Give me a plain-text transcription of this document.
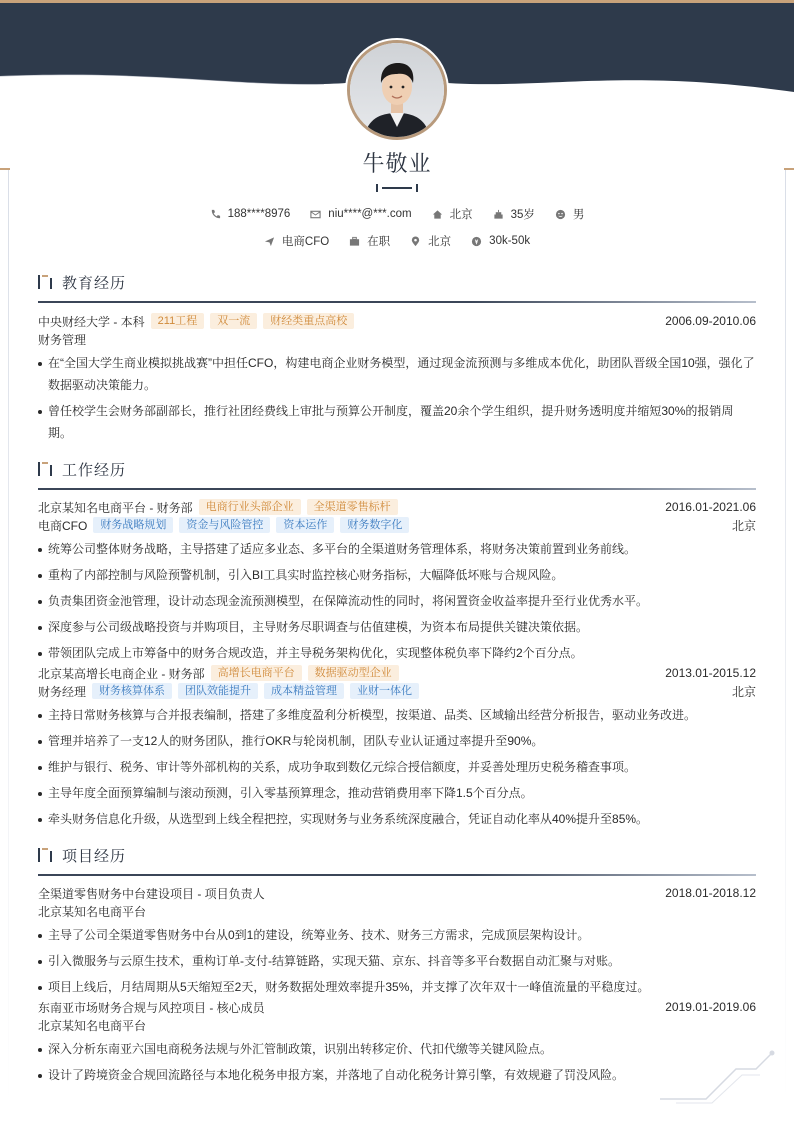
牛敬业
188****8976	niu****@***.com	北京	35岁	男
电商CFO	在职	北京	30k-50k
教育经历
中央财经大学 - 本科	211工程	双一流	财经类重点高校	2006.09-2010.06
财务管理
在“全国大学生商业模拟挑战赛”中担任CFO，构建电商企业财务模型，通过现金流预测与多维成本优化，助团队晋级全国10强，强化了数据驱动决策能力。
曾任校学生会财务部副部长，推行社团经费线上审批与预算公开制度，覆盖20余个学生组织，提升财务透明度并缩短30%的报销周期。
工作经历
北京某知名电商平台 - 财务部	电商行业头部企业	全渠道零售标杆	2016.01-2021.06
电商CFO	财务战略规划	资金与风险管控	资本运作	财务数字化	北京
统筹公司整体财务战略，主导搭建了适应多业态、多平台的全渠道财务管理体系，将财务决策前置到业务前线。
重构了内部控制与风险预警机制，引入BI工具实时监控核心财务指标，大幅降低坏账与合规风险。
负责集团资金池管理，设计动态现金流预测模型，在保障流动性的同时，将闲置资金收益率提升至行业优秀水平。
深度参与公司级战略投资与并购项目，主导财务尽职调查与估值建模，为资本布局提供关键决策依据。
带领团队完成上市筹备中的财务合规改造，并主导税务架构优化，实现整体税负率下降约2个百分点。
北京某高增长电商企业 - 财务部	高增长电商平台	数据驱动型企业	2013.01-2015.12
财务经理	财务核算体系	团队效能提升	成本精益管理	业财一体化	北京
主持日常财务核算与合并报表编制，搭建了多维度盈利分析模型，按渠道、品类、区域输出经营分析报告，驱动业务改进。
管理并培养了一支12人的财务团队，推行OKR与轮岗机制，团队专业认证通过率提升至90%。
维护与银行、税务、审计等外部机构的关系，成功争取到数亿元综合授信额度，并妥善处理历史税务稽查事项。
主导年度全面预算编制与滚动预测，引入零基预算理念，推动营销费用率下降1.5个百分点。
牵头财务信息化升级，从选型到上线全程把控，实现财务与业务系统深度融合，凭证自动化率从40%提升至85%。
项目经历
全渠道零售财务中台建设项目 - 项目负责人	2018.01-2018.12
北京某知名电商平台
主导了公司全渠道零售财务中台从0到1的建设，统筹业务、技术、财务三方需求，完成顶层架构设计。
引入微服务与云原生技术，重构订单-支付-结算链路，实现天猫、京东、抖音等多平台数据自动汇聚与对账。
项目上线后，月结周期从5天缩短至2天，财务数据处理效率提升35%，并支撑了次年双十一峰值流量的平稳度过。
东南亚市场财务合规与风控项目 - 核心成员	2019.01-2019.06
北京某知名电商平台
深入分析东南亚六国电商税务法规与外汇管制政策，识别出转移定价、代扣代缴等关键风险点。
设计了跨境资金合规回流路径与本地化税务申报方案，并落地了自动化税务计算引擎，有效规避了罚没风险。
